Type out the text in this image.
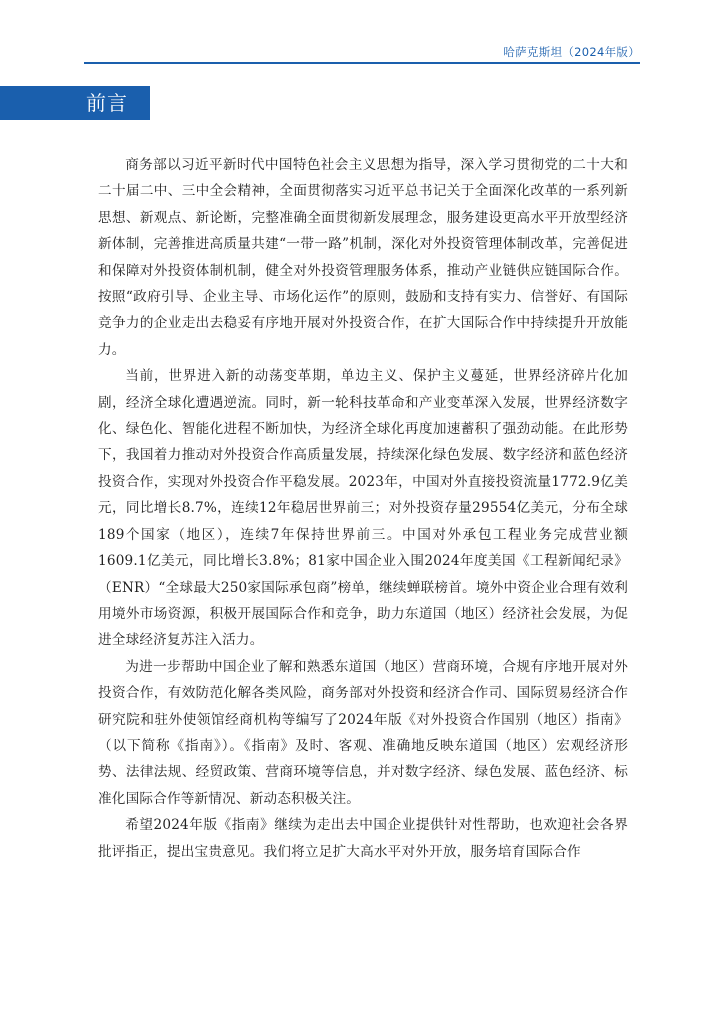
哈萨克斯坦（2024年版）
前言

商务部以习近平新时代中国特色社会主义思想为指导，深入学习贯彻党的二十大和二十届二中、三中全会精神，全面贯彻落实习近平总书记关于全面深化改革的一系列新思想、新观点、新论断，完整准确全面贯彻新发展理念，服务建设更高水平开放型经济新体制，完善推进高质量共建“一带一路”机制，深化对外投资管理体制改革，完善促进和保障对外投资体制机制，健全对外投资管理服务体系，推动产业链供应链国际合作。按照“政府引导、企业主导、市场化运作”的原则，鼓励和支持有实力、信誉好、有国际竞争力的企业走出去稳妥有序地开展对外投资合作，在扩大国际合作中持续提升开放能力。

当前，世界进入新的动荡变革期，单边主义、保护主义蔓延，世界经济碎片化加剧，经济全球化遭遇逆流。同时，新一轮科技革命和产业变革深入发展，世界经济数字化、绿色化、智能化进程不断加快，为经济全球化再度加速蓄积了强劲动能。在此形势下，我国着力推动对外投资合作高质量发展，持续深化绿色发展、数字经济和蓝色经济投资合作，实现对外投资合作平稳发展。2023年，中国对外直接投资流量1772.9亿美元，同比增长8.7%，连续12年稳居世界前三；对外投资存量29554亿美元，分布全球189个国家（地区），连续7年保持世界前三。中国对外承包工程业务完成营业额1609.1亿美元，同比增长3.8%；81家中国企业入围2024年度美国《工程新闻纪录》（ENR）“全球最大250家国际承包商”榜单，继续蝉联榜首。境外中资企业合理有效利用境外市场资源，积极开展国际合作和竞争，助力东道国（地区）经济社会发展，为促进全球经济复苏注入活力。

为进一步帮助中国企业了解和熟悉东道国（地区）营商环境，合规有序地开展对外投资合作，有效防范化解各类风险，商务部对外投资和经济合作司、国际贸易经济合作研究院和驻外使领馆经商机构等编写了2024年版《对外投资合作国别（地区）指南》（以下简称《指南》）。《指南》及时、客观、准确地反映东道国（地区）宏观经济形势、法律法规、经贸政策、营商环境等信息，并对数字经济、绿色发展、蓝色经济、标准化国际合作等新情况、新动态积极关注。

希望2024年版《指南》继续为走出去中国企业提供针对性帮助，也欢迎社会各界批评指正，提出宝贵意见。我们将立足扩大高水平对外开放，服务培育国际合作
